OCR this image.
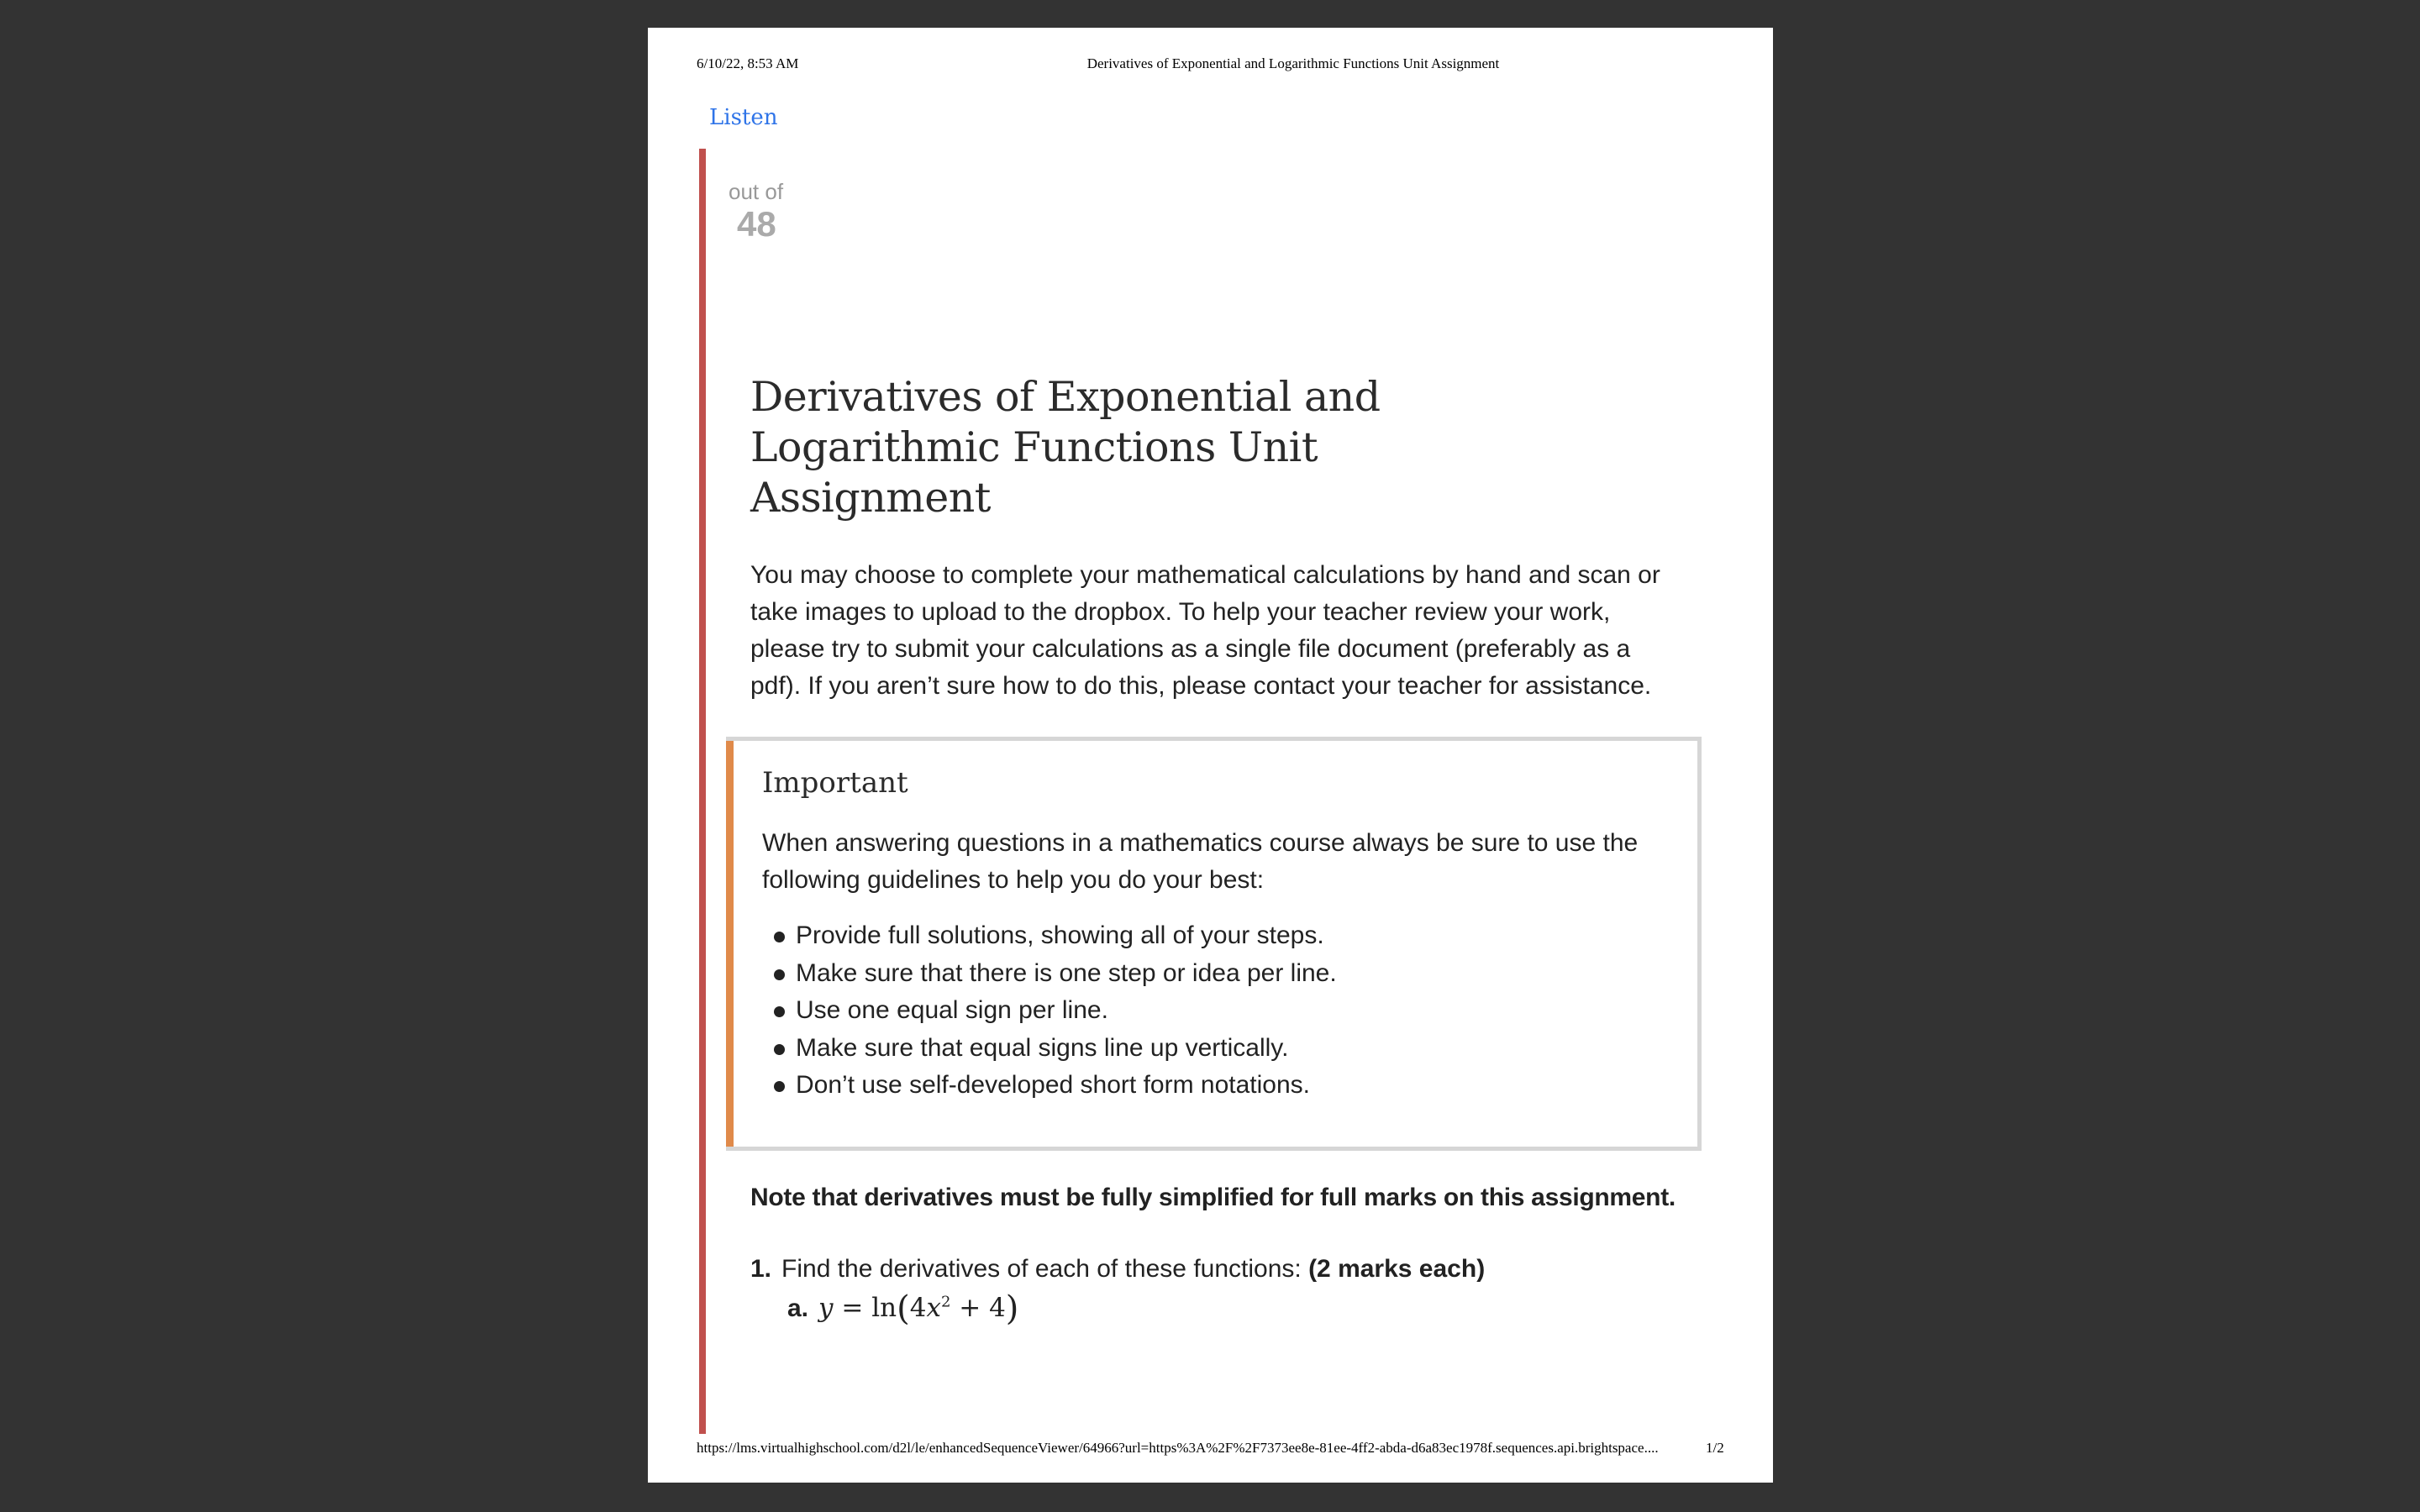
6/10/22, 8:53 AM	Derivatives of Exponential and Logarithmic Functions Unit Assignment
Listen
out of
48
Derivatives of Exponential and
Logarithmic Functions Unit
Assignment
You may choose to complete your mathematical calculations by hand and scan or take images to upload to the dropbox. To help your teacher review your work, please try to submit your calculations as a single file document (preferably as a pdf). If you aren’t sure how to do this, please contact your teacher for assistance.
Important
When answering questions in a mathematics course always be sure to use the following guidelines to help you do your best:
Provide full solutions, showing all of your steps.
Make sure that there is one step or idea per line.
Use one equal sign per line.
Make sure that equal signs line up vertically.
Don’t use self-developed short form notations.
Note that derivatives must be fully simplified for full marks on this assignment.
1. Find the derivatives of each of these functions: (2 marks each)
a. $y = \ln(4x^2 + 4)$
https://lms.virtualhighschool.com/d2l/le/enhancedSequenceViewer/64966?url=https%3A%2F%2F7373ee8e-81ee-4ff2-abda-d6a83ec1978f.sequences.api.brightspace....	1/2
